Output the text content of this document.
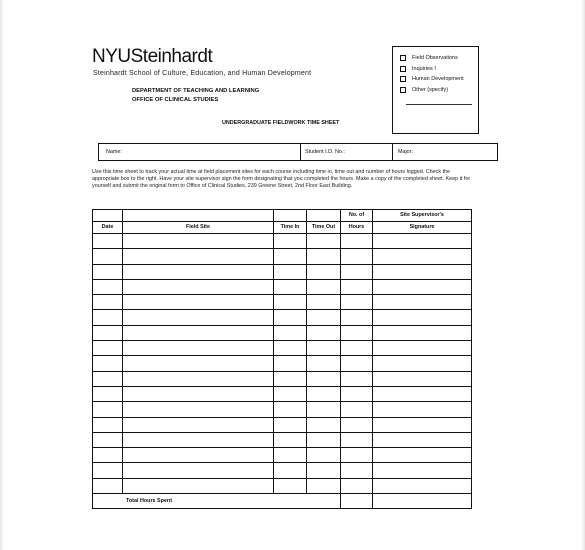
NYUSteinhardt
Steinhardt School of Culture, Education, and Human Development
DEPARTMENT OF TEACHING AND LEARNING
OFFICE OF CLINICAL STUDIES
UNDERGRADUATE FIELDWORK TIME SHEET
Field Observations
Inquiries I
Human Development
Other (specify)
Name:	Student I.D. No.:	Major:
Use this time sheet to track your actual time at field placement sites for each course including time in, time out and number of hours logged. Check the appropriate box to the right. Have your site supervisor sign the form designating that you completed the hours. Make a copy of the completed sheet. Keep it for yourself and submit the original form to Office of Clinical Studies, 239 Greene Street, 2nd Floor East Building.
				No. of	Site Supervisor's
Date	Field Site	Time In	Time Out	Hours	Signature

Total Hours Spent					
